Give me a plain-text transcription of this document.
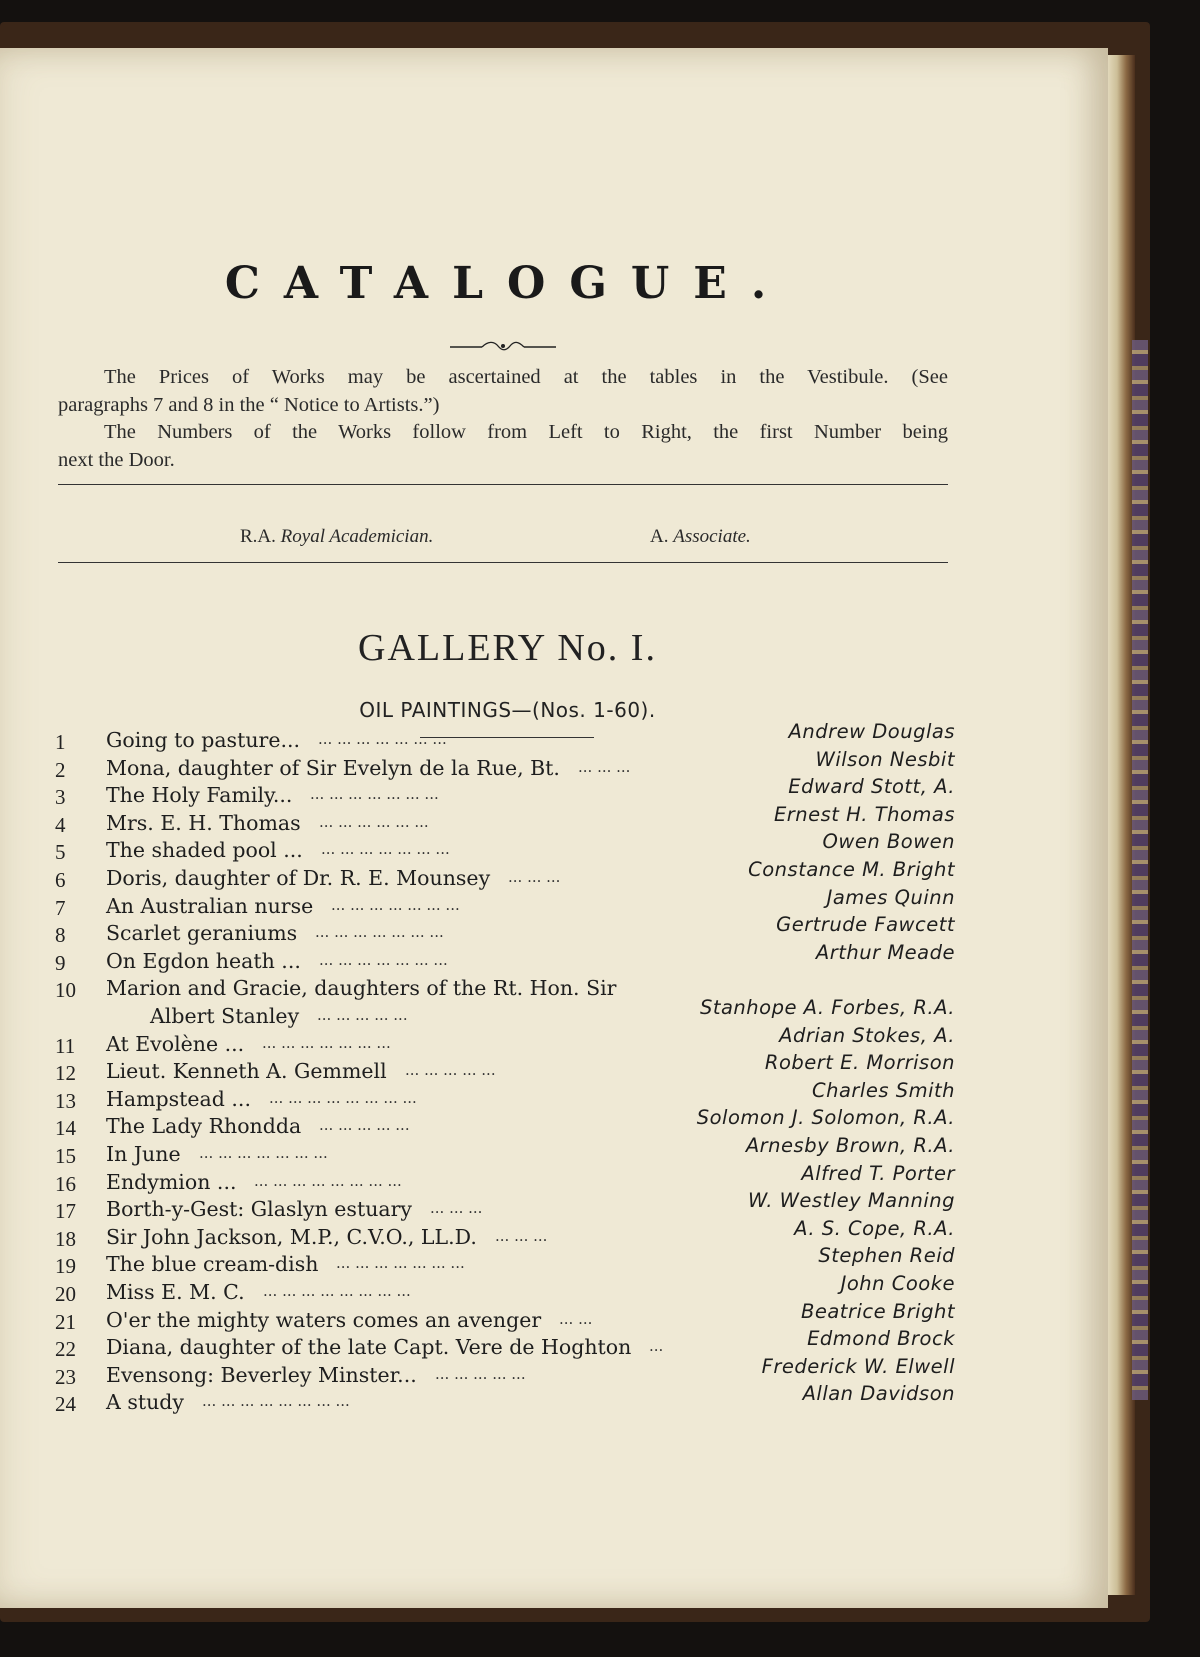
CATALOGUE.

The Prices of Works may be ascertained at the tables in the Vestibule. (See

paragraphs 7 and 8 in the “ Notice to Artists.”)

The Numbers of the Works follow from Left to Right, the first Number being

next the Door.
R.A. Royal Academician.	A. Associate.
GALLERY No. I.
OIL PAINTINGS—(Nos. 1-60).
1	Going to pasture... ... ... ... ... ... ... ...	Andrew Douglas
2	Mona, daughter of Sir Evelyn de la Rue, Bt. ... ... ...	Wilson Nesbit
3	The Holy Family... ... ... ... ... ... ... ...	Edward Stott, A.
4	Mrs. E. H. Thomas ... ... ... ... ... ...	Ernest H. Thomas
5	The shaded pool ... ... ... ... ... ... ... ...	Owen Bowen
6	Doris, daughter of Dr. R. E. Mounsey ... ... ...	Constance M. Bright
7	An Australian nurse ... ... ... ... ... ... ...	James Quinn
8	Scarlet geraniums ... ... ... ... ... ... ...	Gertrude Fawcett
9	On Egdon heath ... ... ... ... ... ... ... ...	Arthur Meade
10	Marion and Gracie, daughters of the Rt. Hon. Sir
Albert Stanley ... ... ... ... ...	Stanhope A. Forbes, R.A.
11	At Evolène ... ... ... ... ... ... ... ...	Adrian Stokes, A.
12	Lieut. Kenneth A. Gemmell ... ... ... ... ...	Robert E. Morrison
13	Hampstead ... ... ... ... ... ... ... ... ...	Charles Smith
14	The Lady Rhondda ... ... ... ... ...	Solomon J. Solomon, R.A.
15	In June ... ... ... ... ... ... ...	Arnesby Brown, R.A.
16	Endymion ... ... ... ... ... ... ... ... ...	Alfred T. Porter
17	Borth-y-Gest: Glaslyn estuary ... ... ...	W. Westley Manning
18	Sir John Jackson, M.P., C.V.O., LL.D. ... ... ...	A. S. Cope, R.A.
19	The blue cream-dish ... ... ... ... ... ... ...	Stephen Reid
20	Miss E. M. C. ... ... ... ... ... ... ... ...	John Cooke
21	O'er the mighty waters comes an avenger ... ...	Beatrice Bright
22	Diana, daughter of the late Capt. Vere de Hoghton ...	Edmond Brock
23	Evensong: Beverley Minster... ... ... ... ... ...	Frederick W. Elwell
24	A study ... ... ... ... ... ... ... ...	Allan Davidson
